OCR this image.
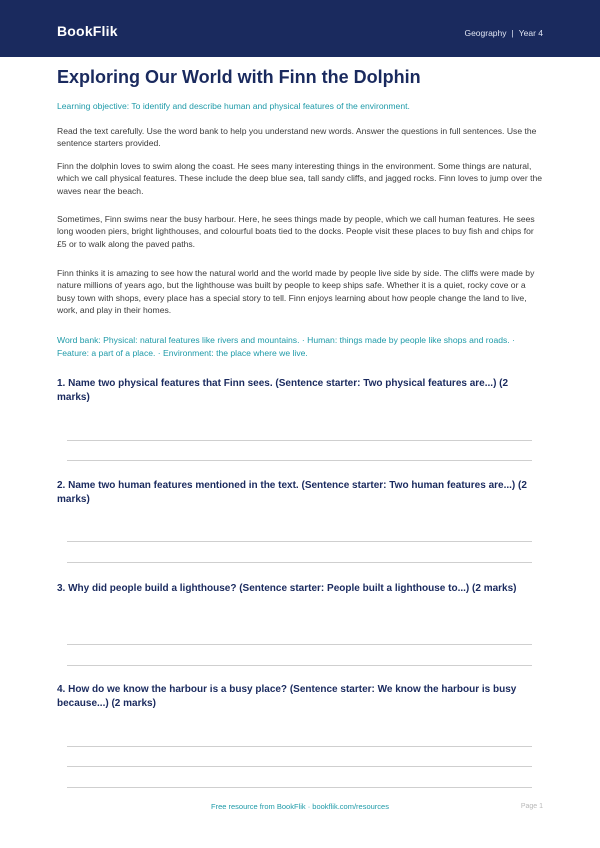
BookFlik	Geography | Year 4
Exploring Our World with Finn the Dolphin
Learning objective: To identify and describe human and physical features of the environment.

Read the text carefully. Use the word bank to help you understand new words. Answer the questions in full sentences. Use the sentence starters provided.

Finn the dolphin loves to swim along the coast. He sees many interesting things in the environment. Some things are natural, which we call physical features. These include the deep blue sea, tall sandy cliffs, and jagged rocks. Finn loves to jump over the waves near the beach.

Sometimes, Finn swims near the busy harbour. Here, he sees things made by people, which we call human features. He sees long wooden piers, bright lighthouses, and colourful boats tied to the docks. People visit these places to buy fish and chips for £5 or to walk along the paved paths.

Finn thinks it is amazing to see how the natural world and the world made by people live side by side. The cliffs were made by nature millions of years ago, but the lighthouse was built by people to keep ships safe. Whether it is a quiet, rocky cove or a busy town with shops, every place has a special story to tell. Finn enjoys learning about how people change the land to live, work, and play in their homes.

Word bank: Physical: natural features like rivers and mountains. · Human: things made by people like shops and roads. · Feature: a part of a place. · Environment: the place where we live.
1. Name two physical features that Finn sees. (Sentence starter: Two physical features are...) (2 marks)
2. Name two human features mentioned in the text. (Sentence starter: Two human features are...) (2 marks)
3. Why did people build a lighthouse? (Sentence starter: People built a lighthouse to...) (2 marks)
4. How do we know the harbour is a busy place? (Sentence starter: We know the harbour is busy because...) (2 marks)
Free resource from BookFlik · bookflik.com/resources	Page 1
